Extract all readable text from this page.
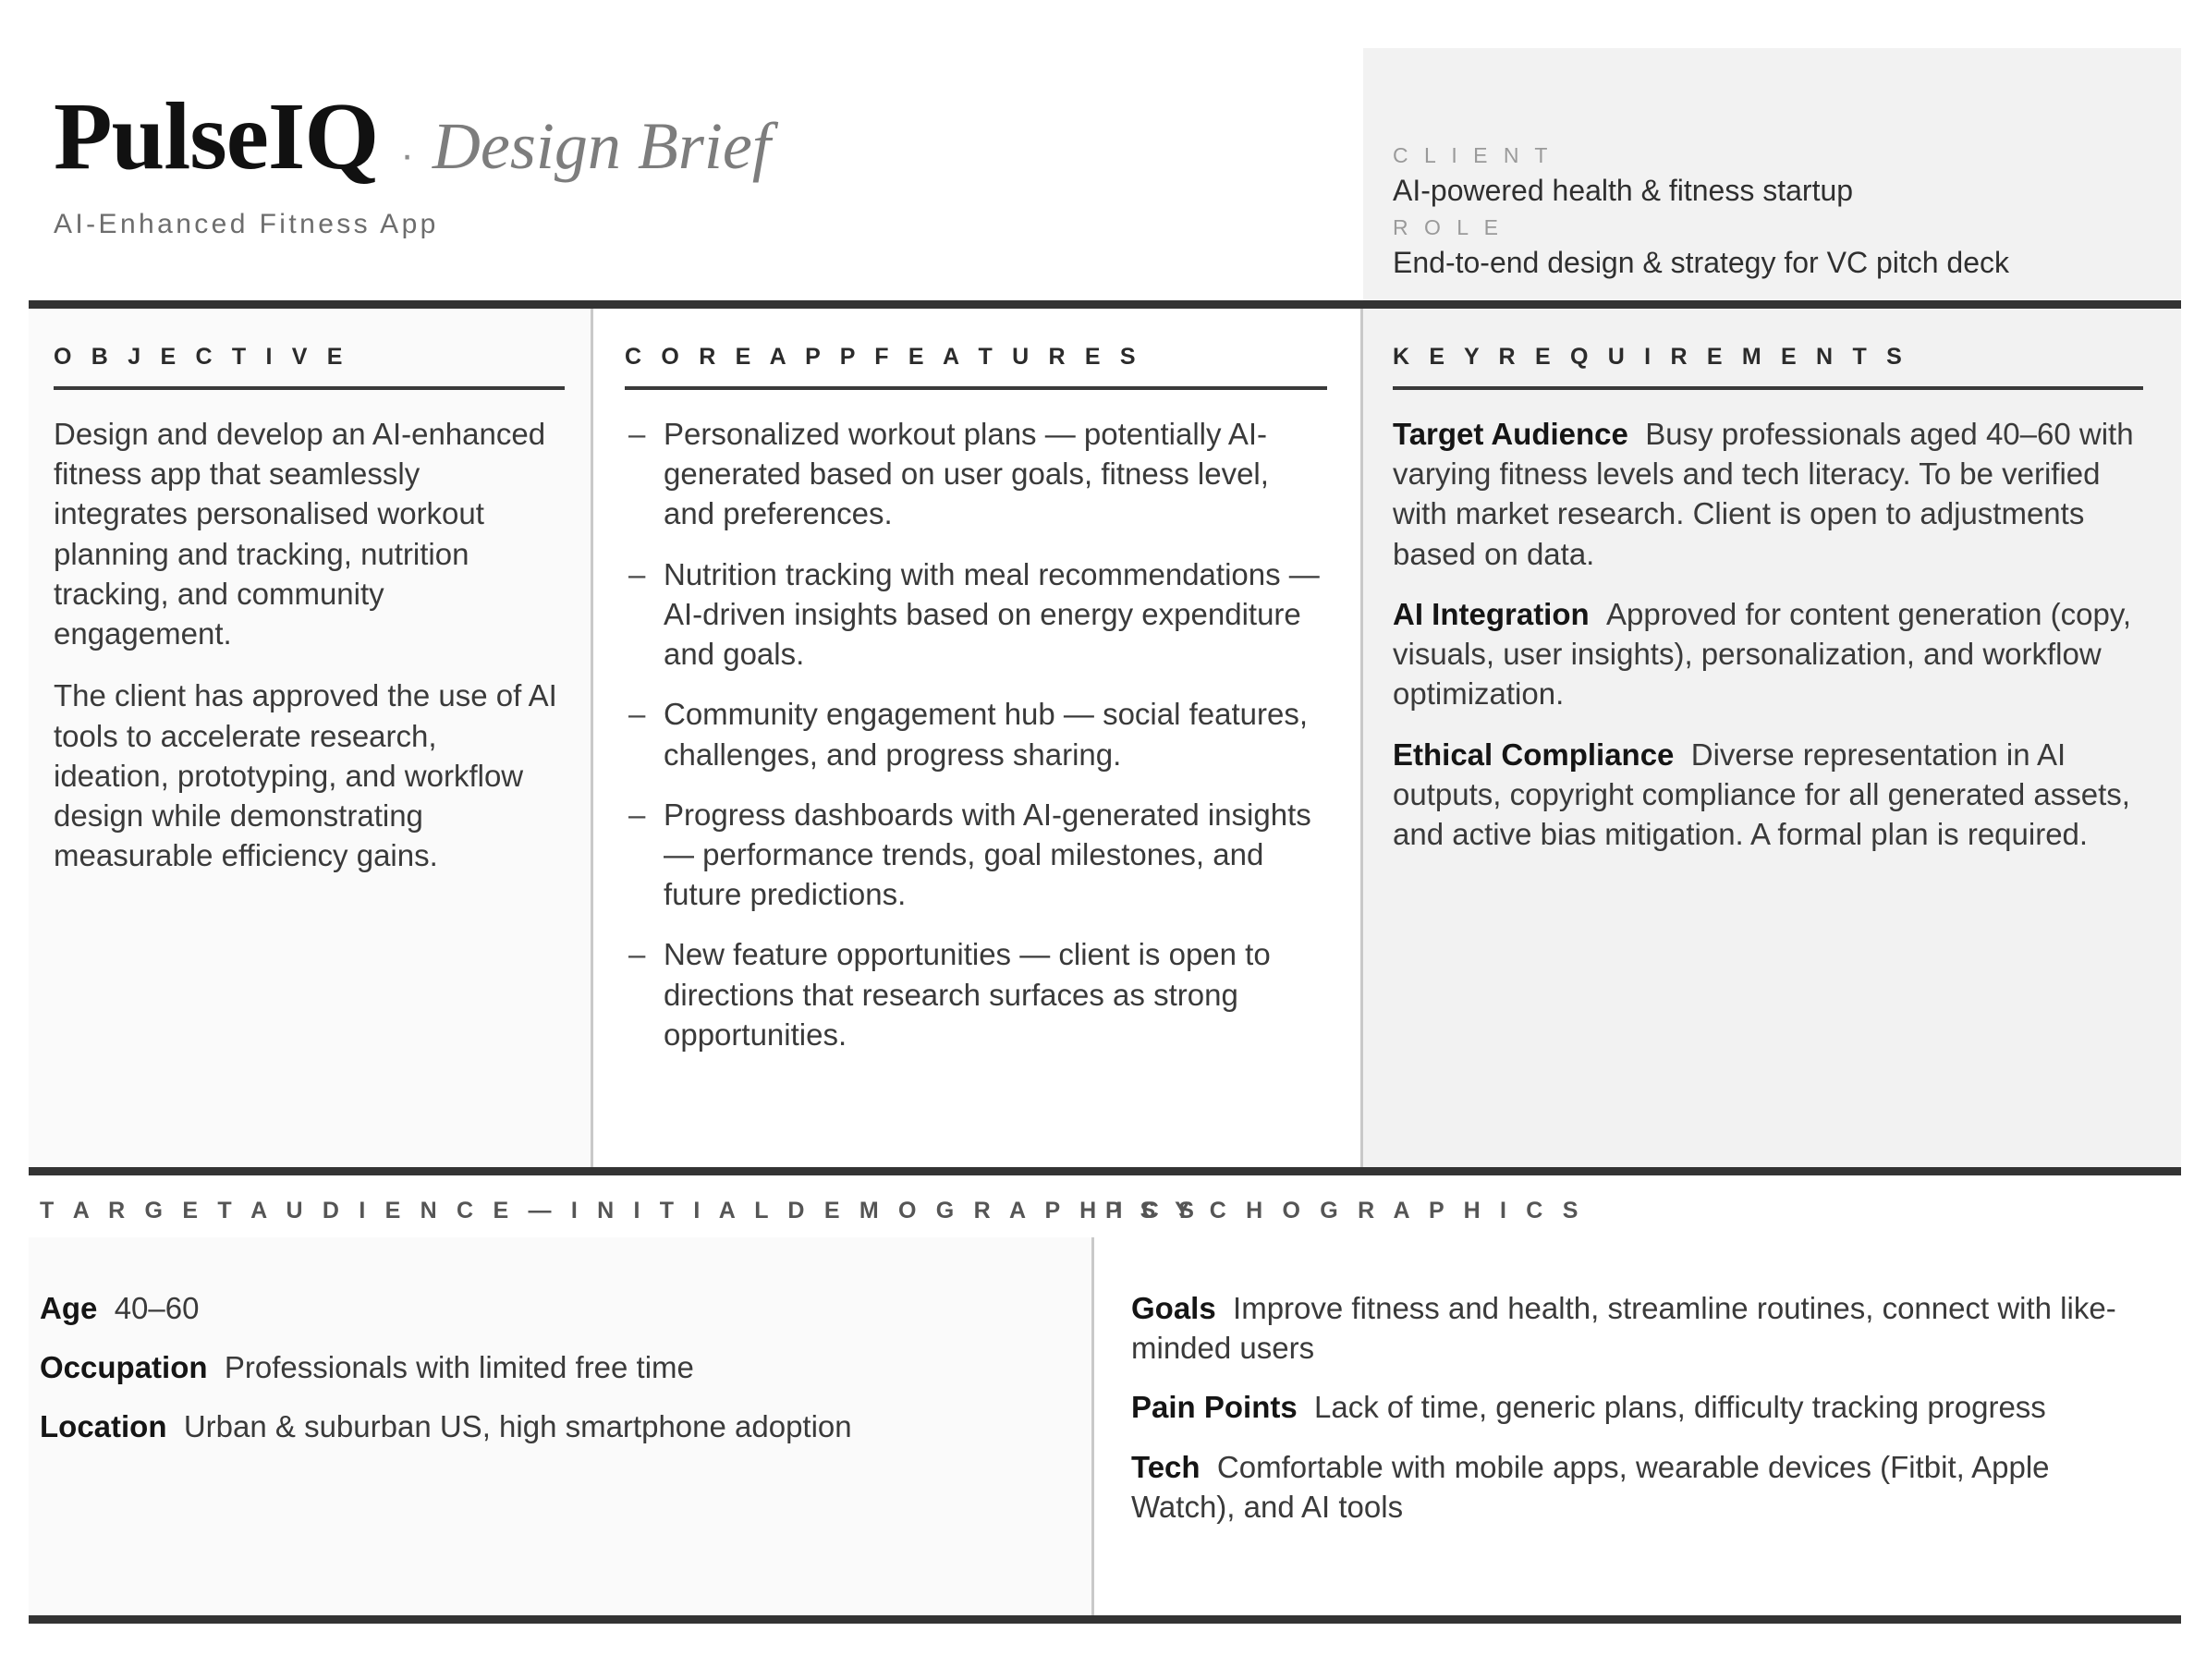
C L I E N T
AI-powered health & fitness startup
R O L E
End-to-end design & strategy for VC pitch deck
PulseIQ · Design Brief
AI-Enhanced Fitness App
O B J E C T I V E

Design and develop an AI-enhanced fitness app that seamlessly integrates personalised workout planning and tracking, nutrition tracking, and community engagement.

The client has approved the use of AI tools to accelerate research, ideation, prototyping, and workflow design while demonstrating measurable efficiency gains.

C O R E A P P F E A T U R E S
– Personalized workout plans — potentially AI-generated based on user goals, fitness level, and preferences.
– Nutrition tracking with meal recommendations — AI-driven insights based on energy expenditure and goals.
– Community engagement hub — social features, challenges, and progress sharing.
– Progress dashboards with AI-generated insights — performance trends, goal milestones, and future predictions.
– New feature opportunities — client is open to directions that research surfaces as strong opportunities.
K E Y R E Q U I R E M E N T S
Target Audience Busy professionals aged 40–60 with varying fitness levels and tech literacy. To be verified with market research. Client is open to adjustments based on data.
AI Integration Approved for content generation (copy, visuals, user insights), personalization, and workflow optimization.
Ethical Compliance Diverse representation in AI outputs, copyright compliance for all generated assets, and active bias mitigation. A formal plan is required.
T A R G E T A U D I E N C E — I N I T I A L D E M O G R A P H I C S
Age 40–60
Occupation Professionals with limited free time
Location Urban & suburban US, high smartphone adoption
P S Y C H O G R A P H I C S
Goals Improve fitness and health, streamline routines, connect with like-minded users
Pain Points Lack of time, generic plans, difficulty tracking progress
Tech Comfortable with mobile apps, wearable devices (Fitbit, Apple Watch), and AI tools
